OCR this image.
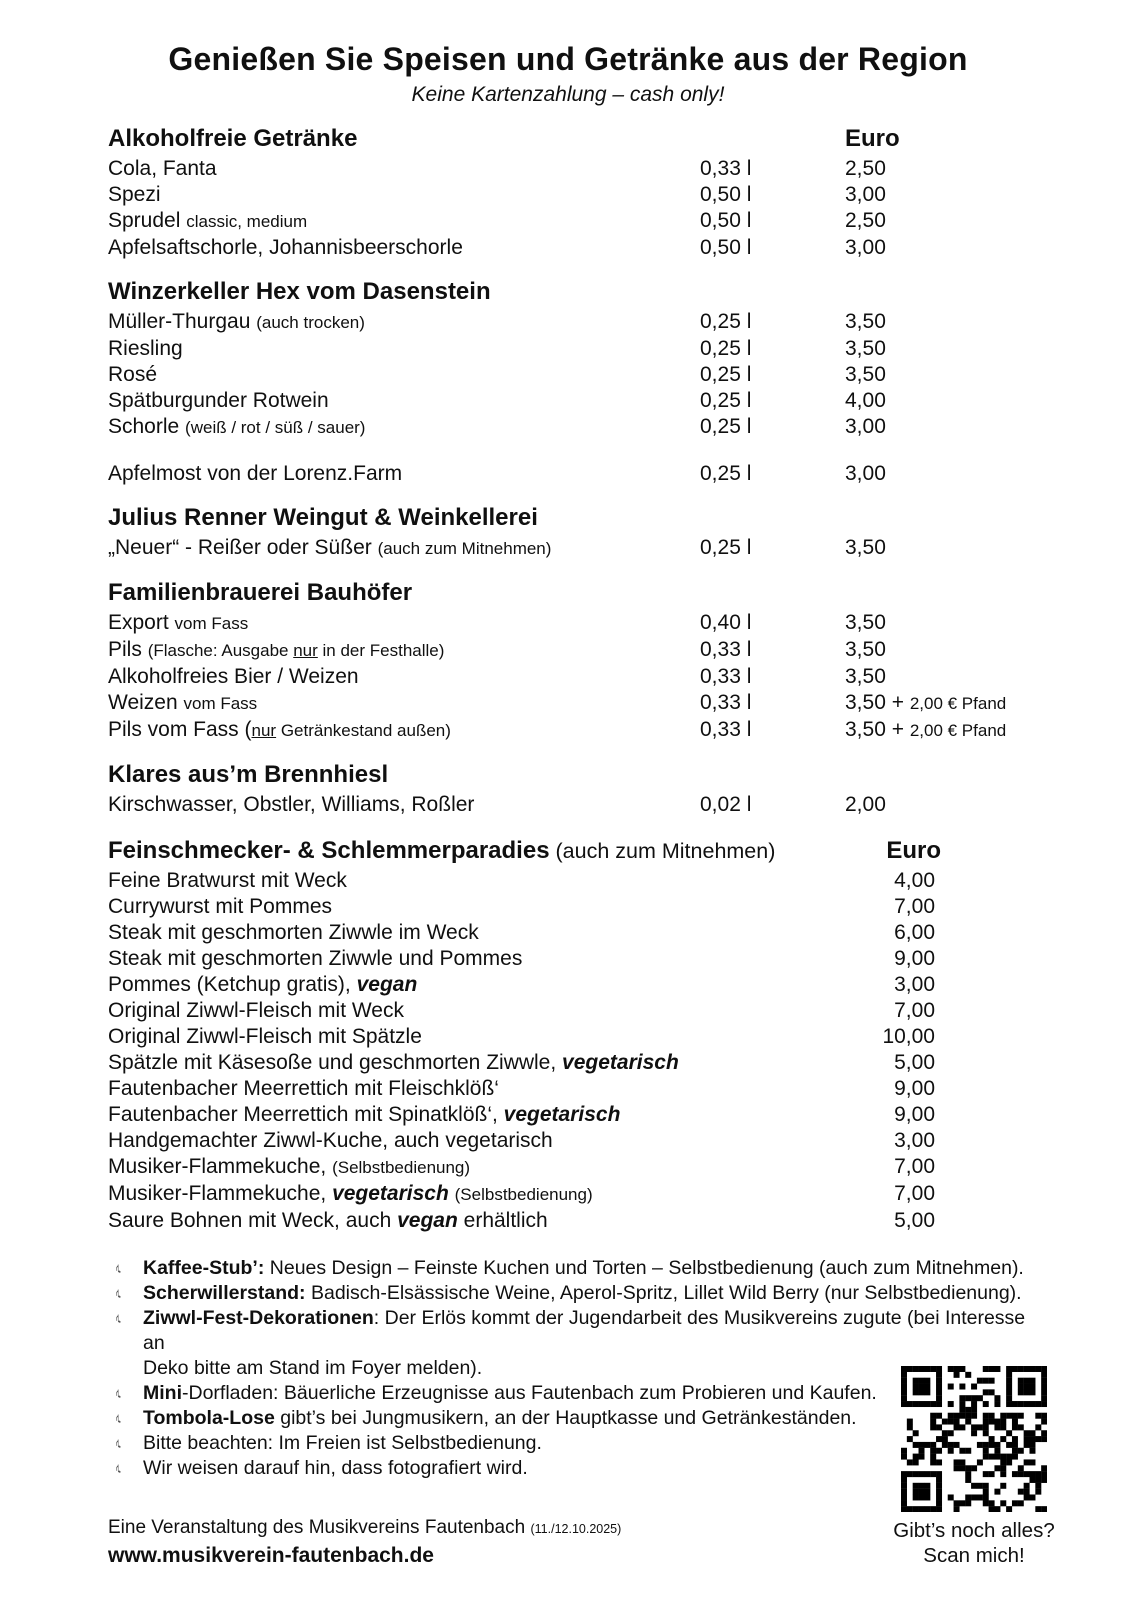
Genießen Sie Speisen und Getränke aus der Region
Keine Kartenzahlung – cash only!
Alkoholfreie Getränke	Euro
Cola, Fanta	0,33 l	2,50
Spezi	0,50 l	3,00
Sprudel classic, medium	0,50 l	2,50
Apfelsaftschorle, Johannisbeerschorle	0,50 l	3,00
Winzerkeller Hex vom Dasenstein
Müller-Thurgau (auch trocken)	0,25 l	3,50
Riesling	0,25 l	3,50
Rosé	0,25 l	3,50
Spätburgunder Rotwein	0,25 l	4,00
Schorle (weiß / rot / süß / sauer)	0,25 l	3,00
Apfelmost von der Lorenz.Farm	0,25 l	3,00
Julius Renner Weingut & Weinkellerei
„Neuer“ - Reißer oder Süßer (auch zum Mitnehmen)	0,25 l	3,50
Familienbrauerei Bauhöfer
Export vom Fass	0,40 l	3,50
Pils (Flasche: Ausgabe nur in der Festhalle)	0,33 l	3,50
Alkoholfreies Bier / Weizen	0,33 l	3,50
Weizen vom Fass	0,33 l	3,50 + 2,00 € Pfand
Pils vom Fass (nur Getränkestand außen)	0,33 l	3,50 + 2,00 € Pfand
Klares aus’m Brennhiesl
Kirschwasser, Obstler, Williams, Roßler	0,02 l	2,00
Feinschmecker- & Schlemmerparadies (auch zum Mitnehmen)	Euro
Feine Bratwurst mit Weck	4,00
Currywurst mit Pommes	7,00
Steak mit geschmorten Ziwwle im Weck	6,00
Steak mit geschmorten Ziwwle und Pommes	9,00
Pommes (Ketchup gratis), vegan	3,00
Original Ziwwl-Fleisch mit Weck	7,00
Original Ziwwl-Fleisch mit Spätzle	10,00
Spätzle mit Käsesoße und geschmorten Ziwwle, vegetarisch	5,00
Fautenbacher Meerrettich mit Fleischklöß‘	9,00
Fautenbacher Meerrettich mit Spinatklöß‘, vegetarisch	9,00
Handgemachter Ziwwl-Kuche, auch vegetarisch	3,00
Musiker-Flammekuche, (Selbstbedienung)	7,00
Musiker-Flammekuche, vegetarisch (Selbstbedienung)	7,00
Saure Bohnen mit Weck, auch vegan erhältlich	5,00
♪ Kaffee-Stub’: Neues Design – Feinste Kuchen und Torten – Selbstbedienung (auch zum Mitnehmen).
♪ Scherwillerstand: Badisch-Elsässische Weine, Aperol-Spritz, Lillet Wild Berry (nur Selbstbedienung).
♪ Ziwwl-Fest-Dekorationen: Der Erlös kommt der Jugendarbeit des Musikvereins zugute (bei Interesse an
Deko bitte am Stand im Foyer melden).
♪ Mini-Dorfladen: Bäuerliche Erzeugnisse aus Fautenbach zum Probieren und Kaufen.
♪ Tombola-Lose gibt’s bei Jungmusikern, an der Hauptkasse und Getränkeständen.
♪ Bitte beachten: Im Freien ist Selbstbedienung.
♪ Wir weisen darauf hin, dass fotografiert wird.
Eine Veranstaltung des Musikvereins Fautenbach (11./12.10.2025)
www.musikverein-fautenbach.de
Gibt’s noch alles?
Scan mich!
